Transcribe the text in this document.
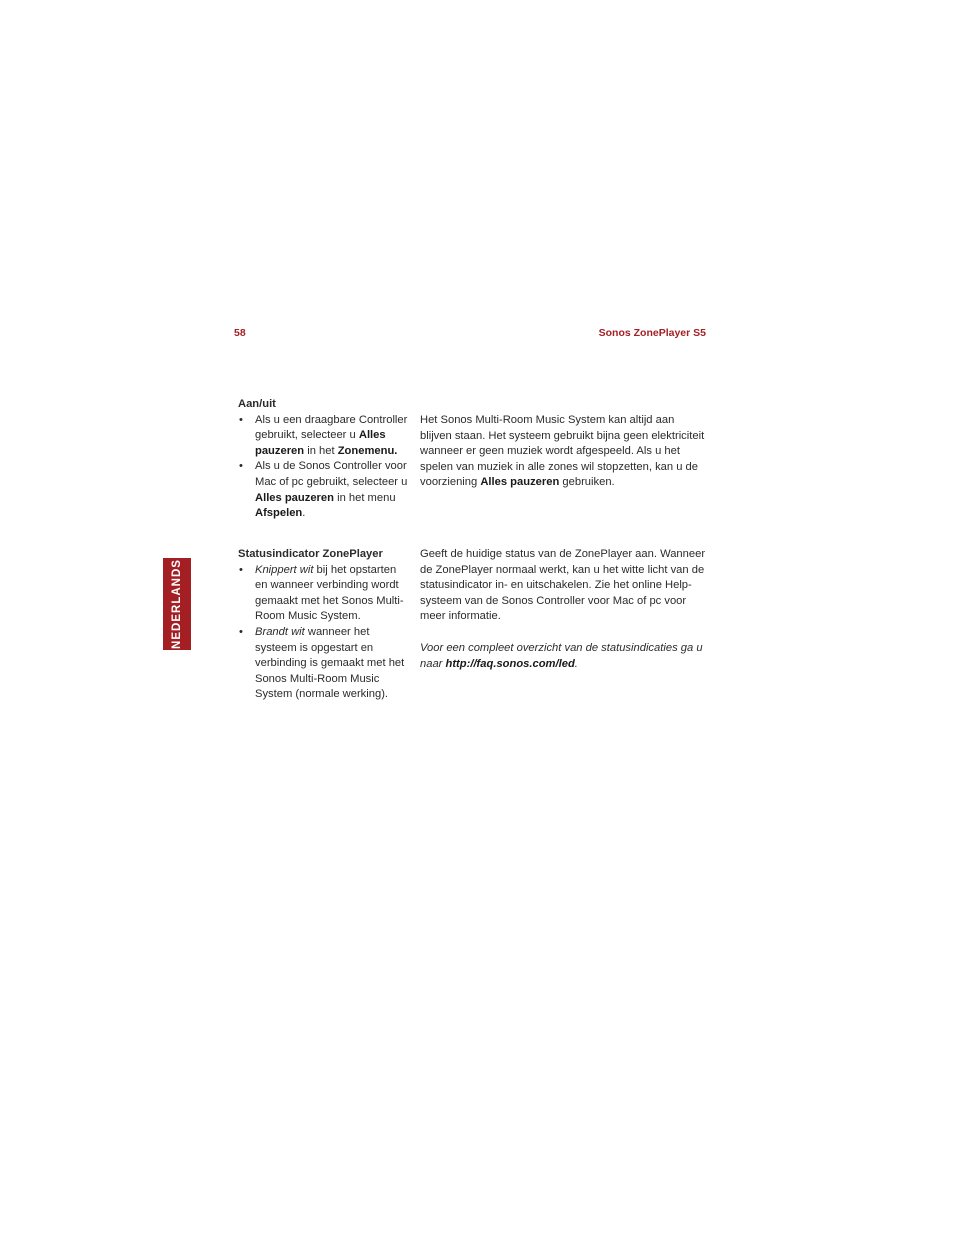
58	Sonos ZonePlayer S5
NEDERLANDS
Aan/uit
• Als u een draagbare Controller gebruikt, selecteer u Alles pauzeren in het Zonemenu.
• Als u de Sonos Controller voor Mac of pc gebruikt, selecteer u Alles pauzeren in het menu Afspelen.

Het Sonos Multi-Room Music System kan altijd aan blijven staan. Het systeem gebruikt bijna geen elektriciteit wanneer er geen muziek wordt afgespeeld. Als u het spelen van muziek in alle zones wil stopzetten, kan u de voorziening Alles pauzeren gebruiken.

Statusindicator ZonePlayer
• Knippert wit bij het opstarten en wanneer verbinding wordt gemaakt met het Sonos Multi-Room Music System.
• Brandt wit wanneer het systeem is opgestart en verbinding is gemaakt met het Sonos Multi-Room Music System (normale werking).

Geeft de huidige status van de ZonePlayer aan. Wanneer de ZonePlayer normaal werkt, kan u het witte licht van de statusindicator in- en uitschakelen. Zie het online Help-systeem van de Sonos Controller voor Mac of pc voor meer informatie.

Voor een compleet overzicht van de statusindicaties ga u naar http://faq.sonos.com/led.
